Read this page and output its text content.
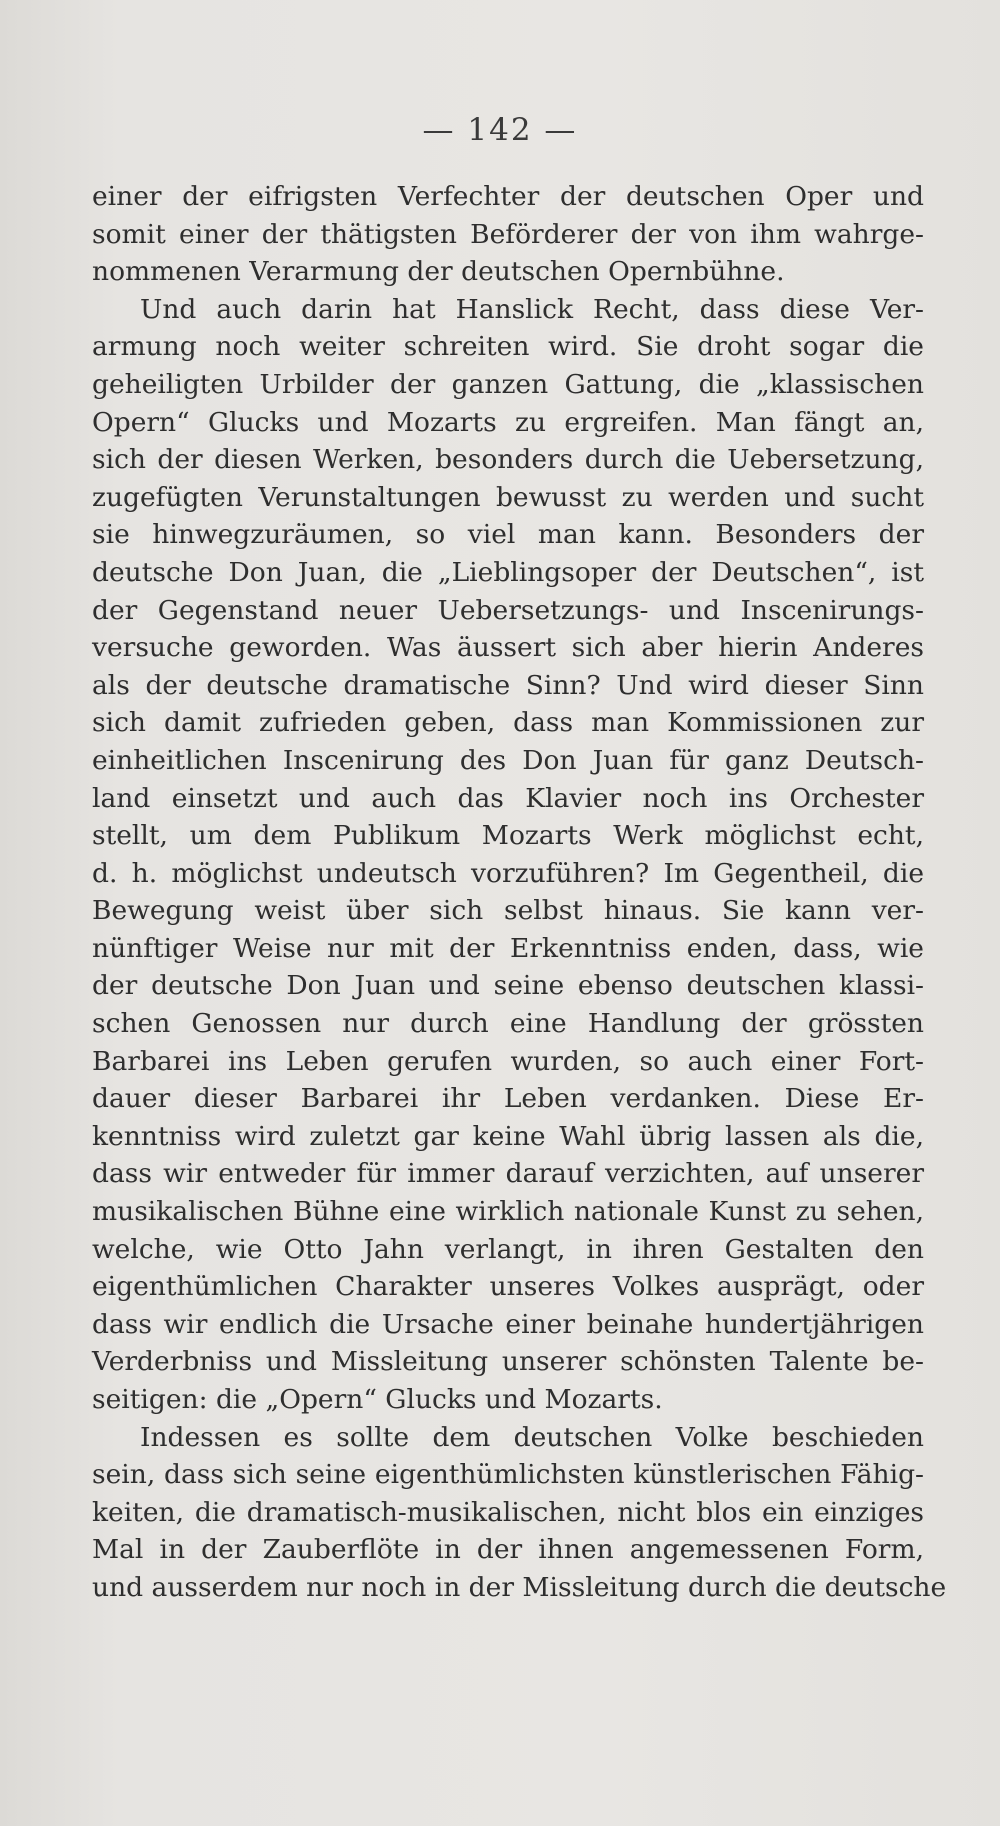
— 142 —
einer der eifrigsten Verfechter der deutschen Oper und
somit einer der thätigsten Beförderer der von ihm wahrge-
nommenen Verarmung der deutschen Opernbühne.
Und auch darin hat Hanslick Recht, dass diese Ver-
armung noch weiter schreiten wird. Sie droht sogar die
geheiligten Urbilder der ganzen Gattung, die „klassischen
Opern“ Glucks und Mozarts zu ergreifen. Man fängt an,
sich der diesen Werken, besonders durch die Uebersetzung,
zugefügten Verunstaltungen bewusst zu werden und sucht
sie hinwegzuräumen, so viel man kann. Besonders der
deutsche Don Juan, die „Lieblingsoper der Deutschen“, ist
der Gegenstand neuer Uebersetzungs- und Inscenirungs-
versuche geworden. Was äussert sich aber hierin Anderes
als der deutsche dramatische Sinn? Und wird dieser Sinn
sich damit zufrieden geben, dass man Kommissionen zur
einheitlichen Inscenirung des Don Juan für ganz Deutsch-
land einsetzt und auch das Klavier noch ins Orchester
stellt, um dem Publikum Mozarts Werk möglichst echt,
d. h. möglichst undeutsch vorzuführen? Im Gegentheil, die
Bewegung weist über sich selbst hinaus. Sie kann ver-
nünftiger Weise nur mit der Erkenntniss enden, dass, wie
der deutsche Don Juan und seine ebenso deutschen klassi-
schen Genossen nur durch eine Handlung der grössten
Barbarei ins Leben gerufen wurden, so auch einer Fort-
dauer dieser Barbarei ihr Leben verdanken. Diese Er-
kenntniss wird zuletzt gar keine Wahl übrig lassen als die,
dass wir entweder für immer darauf verzichten, auf unserer
musikalischen Bühne eine wirklich nationale Kunst zu sehen,
welche, wie Otto Jahn verlangt, in ihren Gestalten den
eigenthümlichen Charakter unseres Volkes ausprägt, oder
dass wir endlich die Ursache einer beinahe hundertjährigen
Verderbniss und Missleitung unserer schönsten Talente be-
seitigen: die „Opern“ Glucks und Mozarts.
Indessen es sollte dem deutschen Volke beschieden
sein, dass sich seine eigenthümlichsten künstlerischen Fähig-
keiten, die dramatisch-musikalischen, nicht blos ein einziges
Mal in der Zauberflöte in der ihnen angemessenen Form,
und ausserdem nur noch in der Missleitung durch die deutsche
